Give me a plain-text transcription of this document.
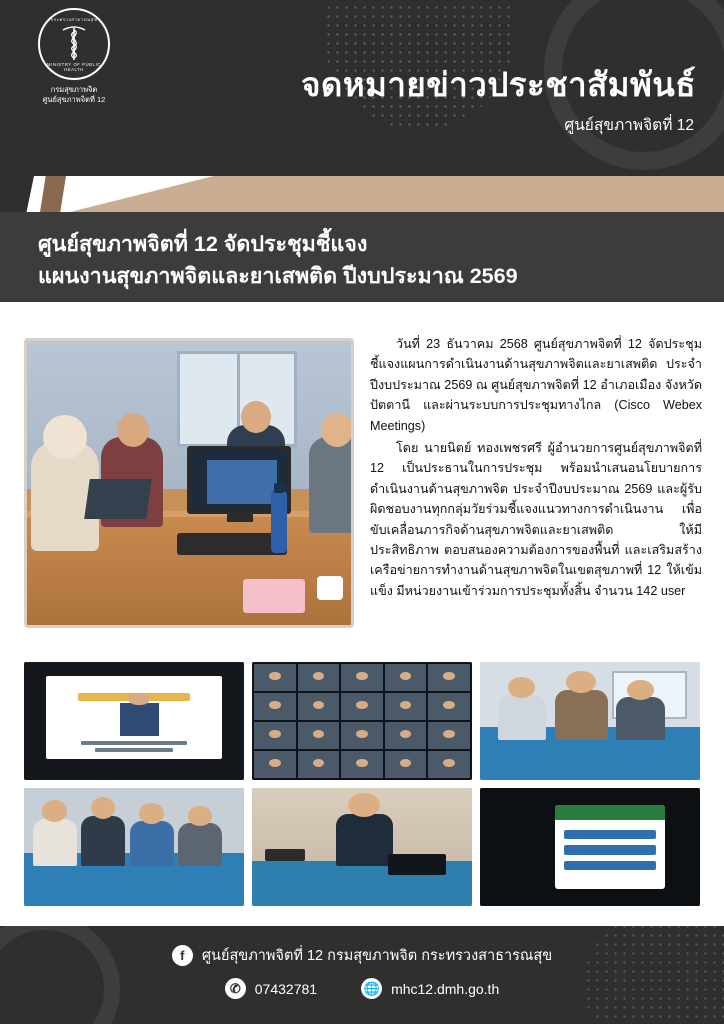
กระทรวงสาธารณสุข
MINISTRY OF PUBLIC HEALTH
กรมสุขภาพจิต
ศูนย์สุขภาพจิตที่ 12	จดหมายข่าวประชาสัมพันธ์
ศูนย์สุขภาพจิตที่ 12
ศูนย์สุขภาพจิตที่ 12 จัดประชุมชี้แจง
แผนงานสุขภาพจิตและยาเสพติด ปีงบประมาณ 2569

วันที่ 23 ธันวาคม 2568 ศูนย์สุขภาพจิตที่ 12 จัดประชุมชี้แจงแผนการดำเนินงานด้านสุขภาพจิตและยาเสพติด ประจำปีงบประมาณ 2569 ณ ศูนย์สุขภาพจิตที่ 12 อำเภอเมือง จังหวัดปัตตานี และผ่านระบบการประชุมทางไกล (Cisco Webex Meetings)

โดย นายนิตย์ ทองเพชรศรี ผู้อำนวยการศูนย์สุขภาพจิตที่ 12 เป็นประธานในการประชุม พร้อมนำเสนอนโยบายการดำเนินงานด้านสุขภาพจิต ประจำปีงบประมาณ 2569 และผู้รับผิดชอบงานทุกกลุ่มวัยร่วมชี้แจงแนวทางการดำเนินงาน เพื่อขับเคลื่อนภารกิจด้านสุขภาพจิตและยาเสพติด ให้มีประสิทธิภาพ ตอบสนองความต้องการของพื้นที่ และเสริมสร้างเครือข่ายการทำงานด้านสุขภาพจิตในเขตสุขภาพที่ 12 ให้เข้มแข็ง มีหน่วยงานเข้าร่วมการประชุมทั้งสิ้น จำนวน 142 user

f	ศูนย์สุขภาพจิตที่ 12 กรมสุขภาพจิต กระทรวงสาธารณสุข
✆	07432781	🌐 mhc12.dmh.go.th
